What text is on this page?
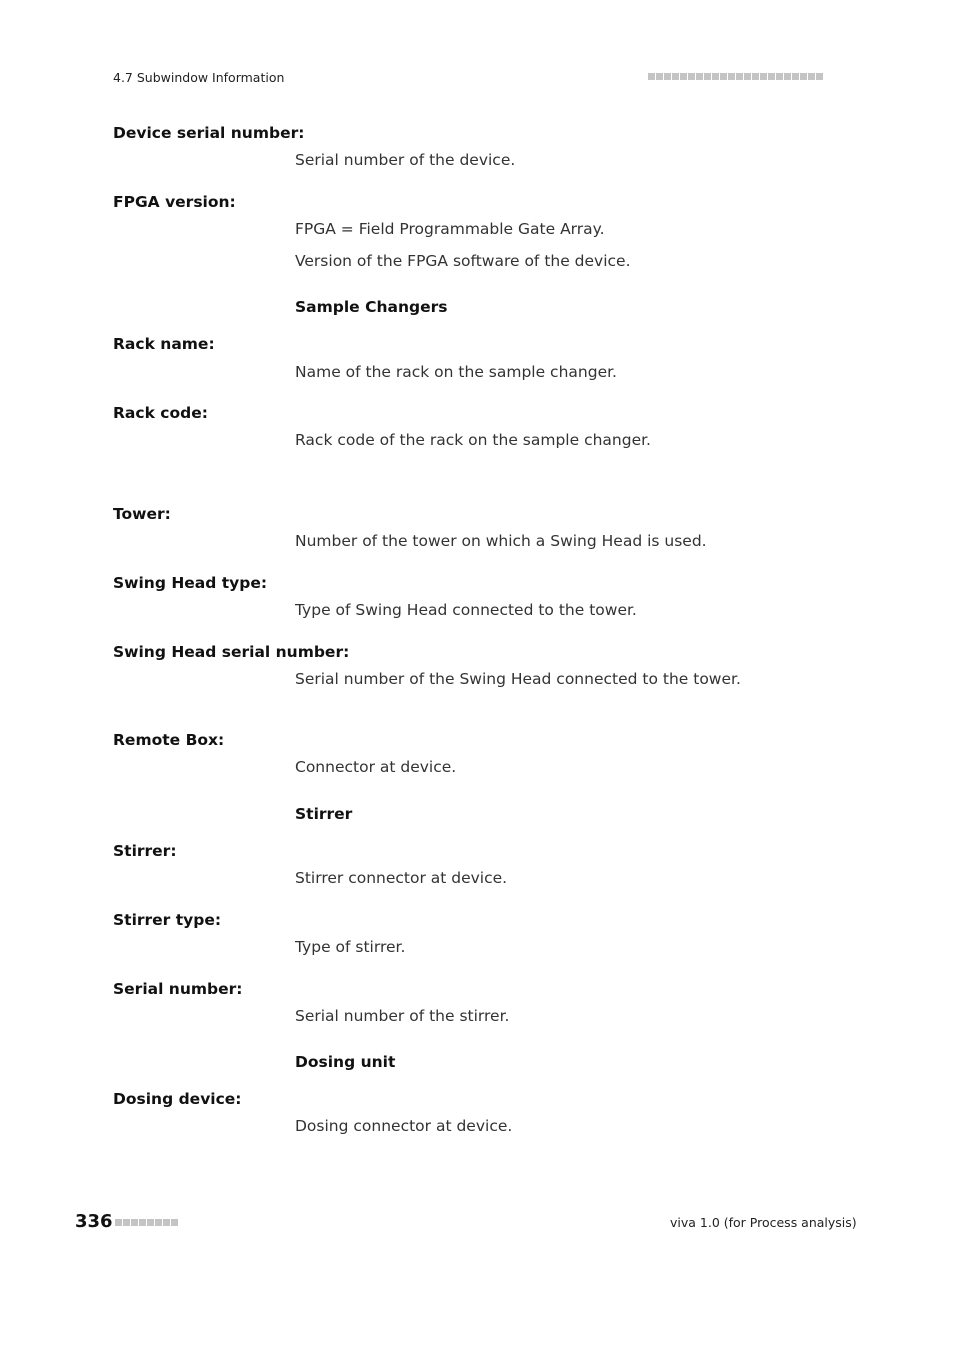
4.7 Subwindow Information
Device serial number:
Serial number of the device.
FPGA version:
FPGA = Field Programmable Gate Array.
Version of the FPGA software of the device.
Sample Changers
Rack name:
Name of the rack on the sample changer.
Rack code:
Rack code of the rack on the sample changer.
Tower:
Number of the tower on which a Swing Head is used.
Swing Head type:
Type of Swing Head connected to the tower.
Swing Head serial number:
Serial number of the Swing Head connected to the tower.
Remote Box:
Connector at device.
Stirrer
Stirrer:
Stirrer connector at device.
Stirrer type:
Type of stirrer.
Serial number:
Serial number of the stirrer.
Dosing unit
Dosing device:
Dosing connector at device.
336	viva 1.0 (for Process analysis)
